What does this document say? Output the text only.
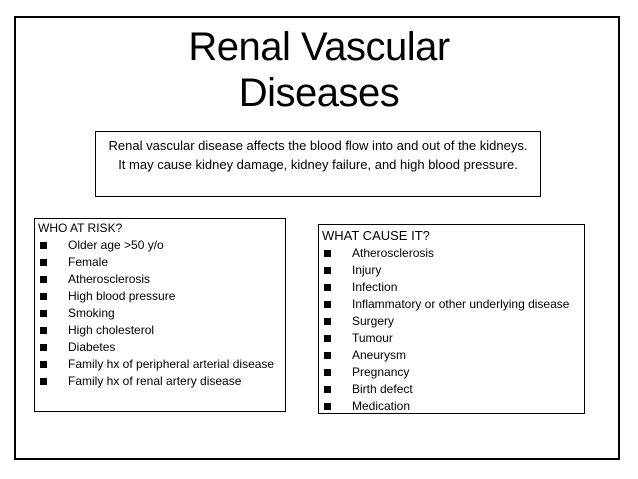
Renal Vascular
Diseases
Renal vascular disease affects the blood flow into and out of the kidneys. It may cause kidney damage, kidney failure, and high blood pressure.
WHO AT RISK?
Older age >50 y/o
Female
Atherosclerosis
High blood pressure
Smoking
High cholesterol
Diabetes
Family hx of peripheral arterial disease
Family hx of renal artery disease
WHAT CAUSE IT?
Atherosclerosis
Injury
Infection
Inflammatory or other underlying disease
Surgery
Tumour
Aneurysm
Pregnancy
Birth defect
Medication
